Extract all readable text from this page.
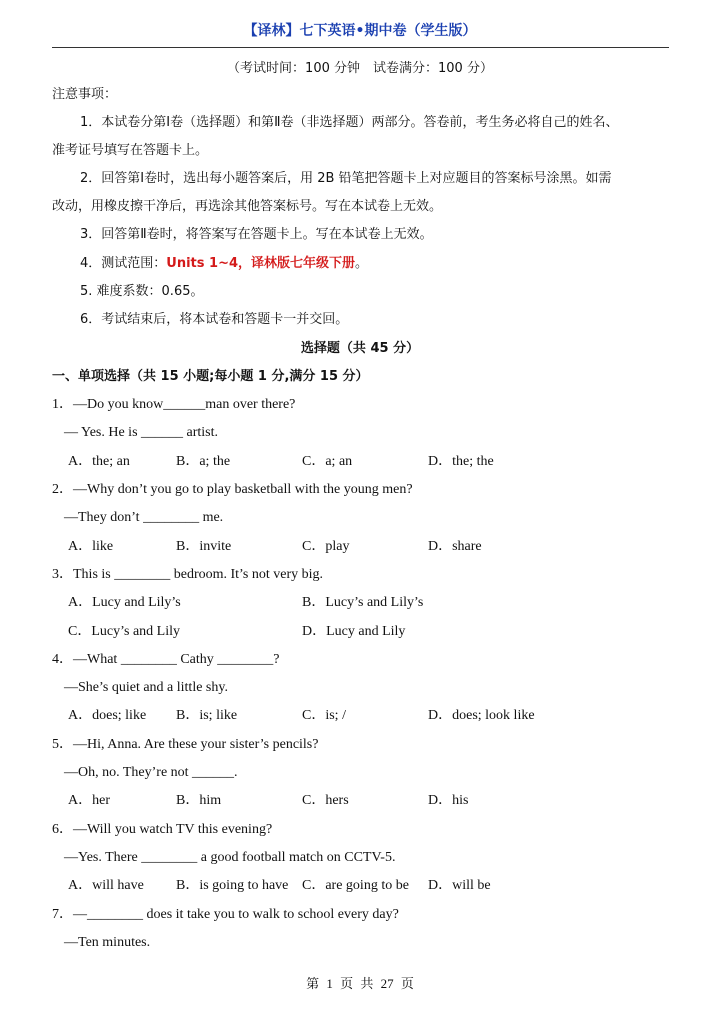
【译林】七下英语•期中卷（学生版）
（考试时间：100 分钟　试卷满分：100 分）
注意事项：
1．本试卷分第Ⅰ卷（选择题）和第Ⅱ卷（非选择题）两部分。答卷前，考生务必将自己的姓名、
准考证号填写在答题卡上。
2．回答第Ⅰ卷时，选出每小题答案后，用 2B 铅笔把答题卡上对应题目的答案标号涂黑。如需
改动，用橡皮擦干净后，再选涂其他答案标号。写在本试卷上无效。
3．回答第Ⅱ卷时，将答案写在答题卡上。写在本试卷上无效。
4．测试范围：Units 1~4，译林版七年级下册。
5. 难度系数：0.65。
6．考试结束后，将本试卷和答题卡一并交回。
选择题（共 45 分）
一、单项选择（共 15 小题;每小题 1 分,满分 15 分）
1．—Do you know______man over there?
— Yes. He is ______ artist.
A．the; an	B．a; the	C．a; an	D．the; the
2．—Why don’t you go to play basketball with the young men?
—They don’t ________ me.
A．like	B．invite	C．play	D．share
3．This is ________ bedroom. It’s not very big.
A．Lucy and Lily’s	B．Lucy’s and Lily’s
C．Lucy’s and Lily	D．Lucy and Lily
4．—What ________ Cathy ________?
—She’s quiet and a little shy.
A．does; like B．is; like	C．is; /	D．does; look like
5．—Hi, Anna. Are these your sister’s pencils?
—Oh, no. They’re not ______.
A．her	B．him	C．hers	D．his
6．—Will you watch TV this evening?
—Yes. There ________ a good football match on CCTV-5.
A．will have B．is going to have C．are going to be D．will be
7．—________ does it take you to walk to school every day?
—Ten minutes.
第 1 页 共 27 页
